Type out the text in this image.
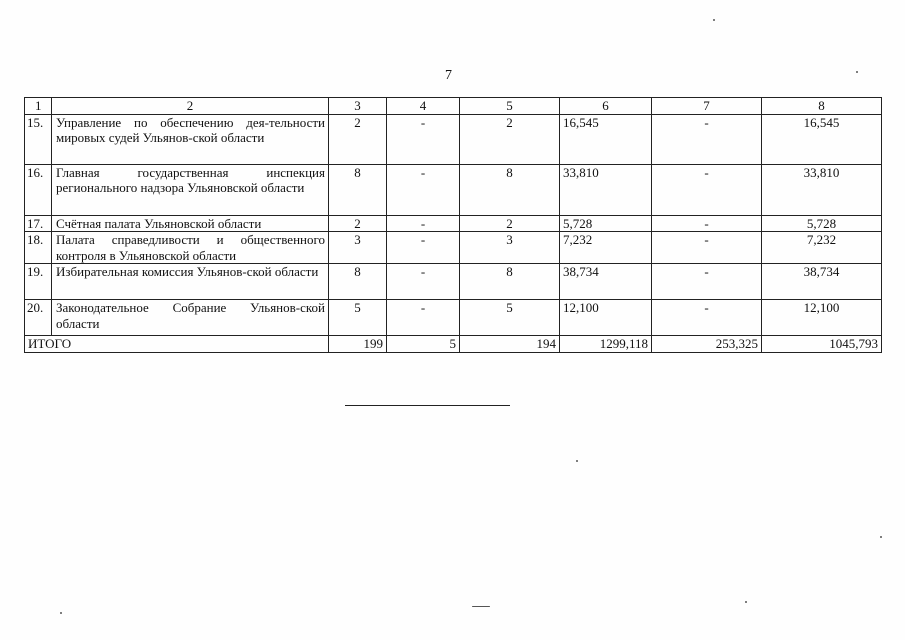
7
1	2	3	4	5	6	7	8
15.	Управление по обеспечению дея-тельности мировых судей Ульянов-ской области	2	-	2	16,545	-	16,545
16.	Главная государственная инспекция регионального надзора Ульяновской области	8	-	8	33,810	-	33,810
17.	Счётная палата Ульяновской области	2	-	2	5,728	-	5,728
18.	Палата справедливости и общественного контроля в Ульяновской области	3	-	3	7,232	-	7,232
19.	Избирательная комиссия Ульянов-ской области	8	-	8	38,734	-	38,734
20.	Законодательное Собрание Ульянов-ской области	5	-	5	12,100	-	12,100
ИТОГО		199	5	194	1299,118	253,325	1045,793
